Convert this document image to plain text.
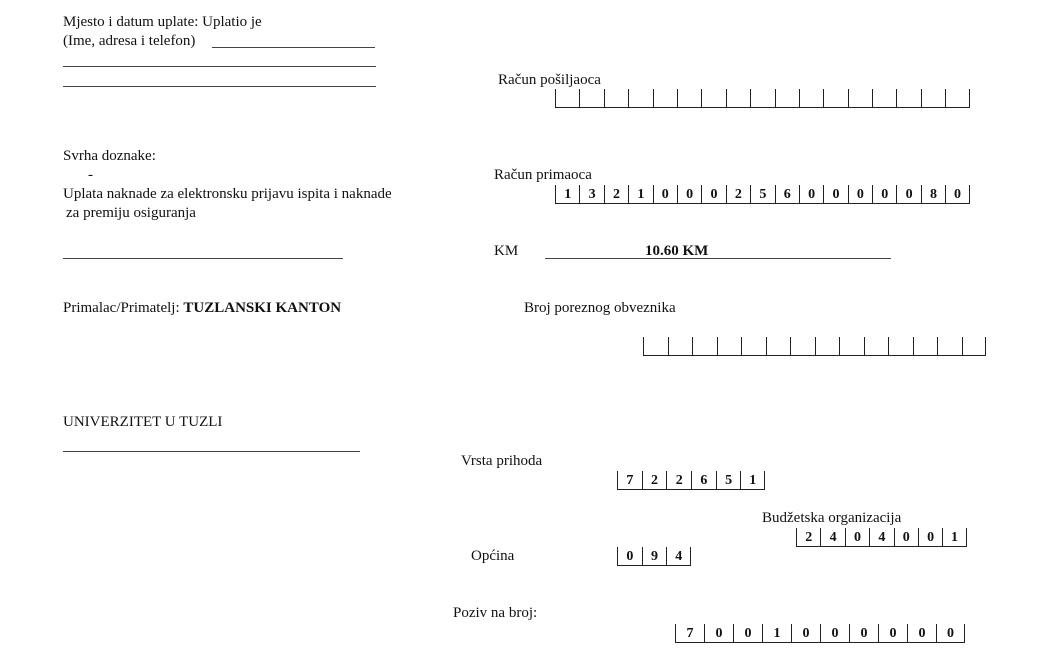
Mjesto i datum uplate: Uplatio je
(Ime, adresa i telefon)
Svrha doznake:
-
Uplata naknade za elektronsku prijavu ispita i naknade
za premiju osiguranja
Primalac/Primatelj: TUZLANSKI KANTON
UNIVERZITET U TUZLI
Račun pošiljaoca
Račun primaoca
1	3	2	1	0	0	0	2	5	6	0	0	0	0	0	8	0
KM	10.60 KM
Broj poreznog obveznika
Vrsta prihoda
7	2	2	6	5	1
Budžetska organizacija
2	4	0	4	0	0	1
Općina	0	9	4
Poziv na broj:
7	0	0	1	0	0	0	0	0	0
